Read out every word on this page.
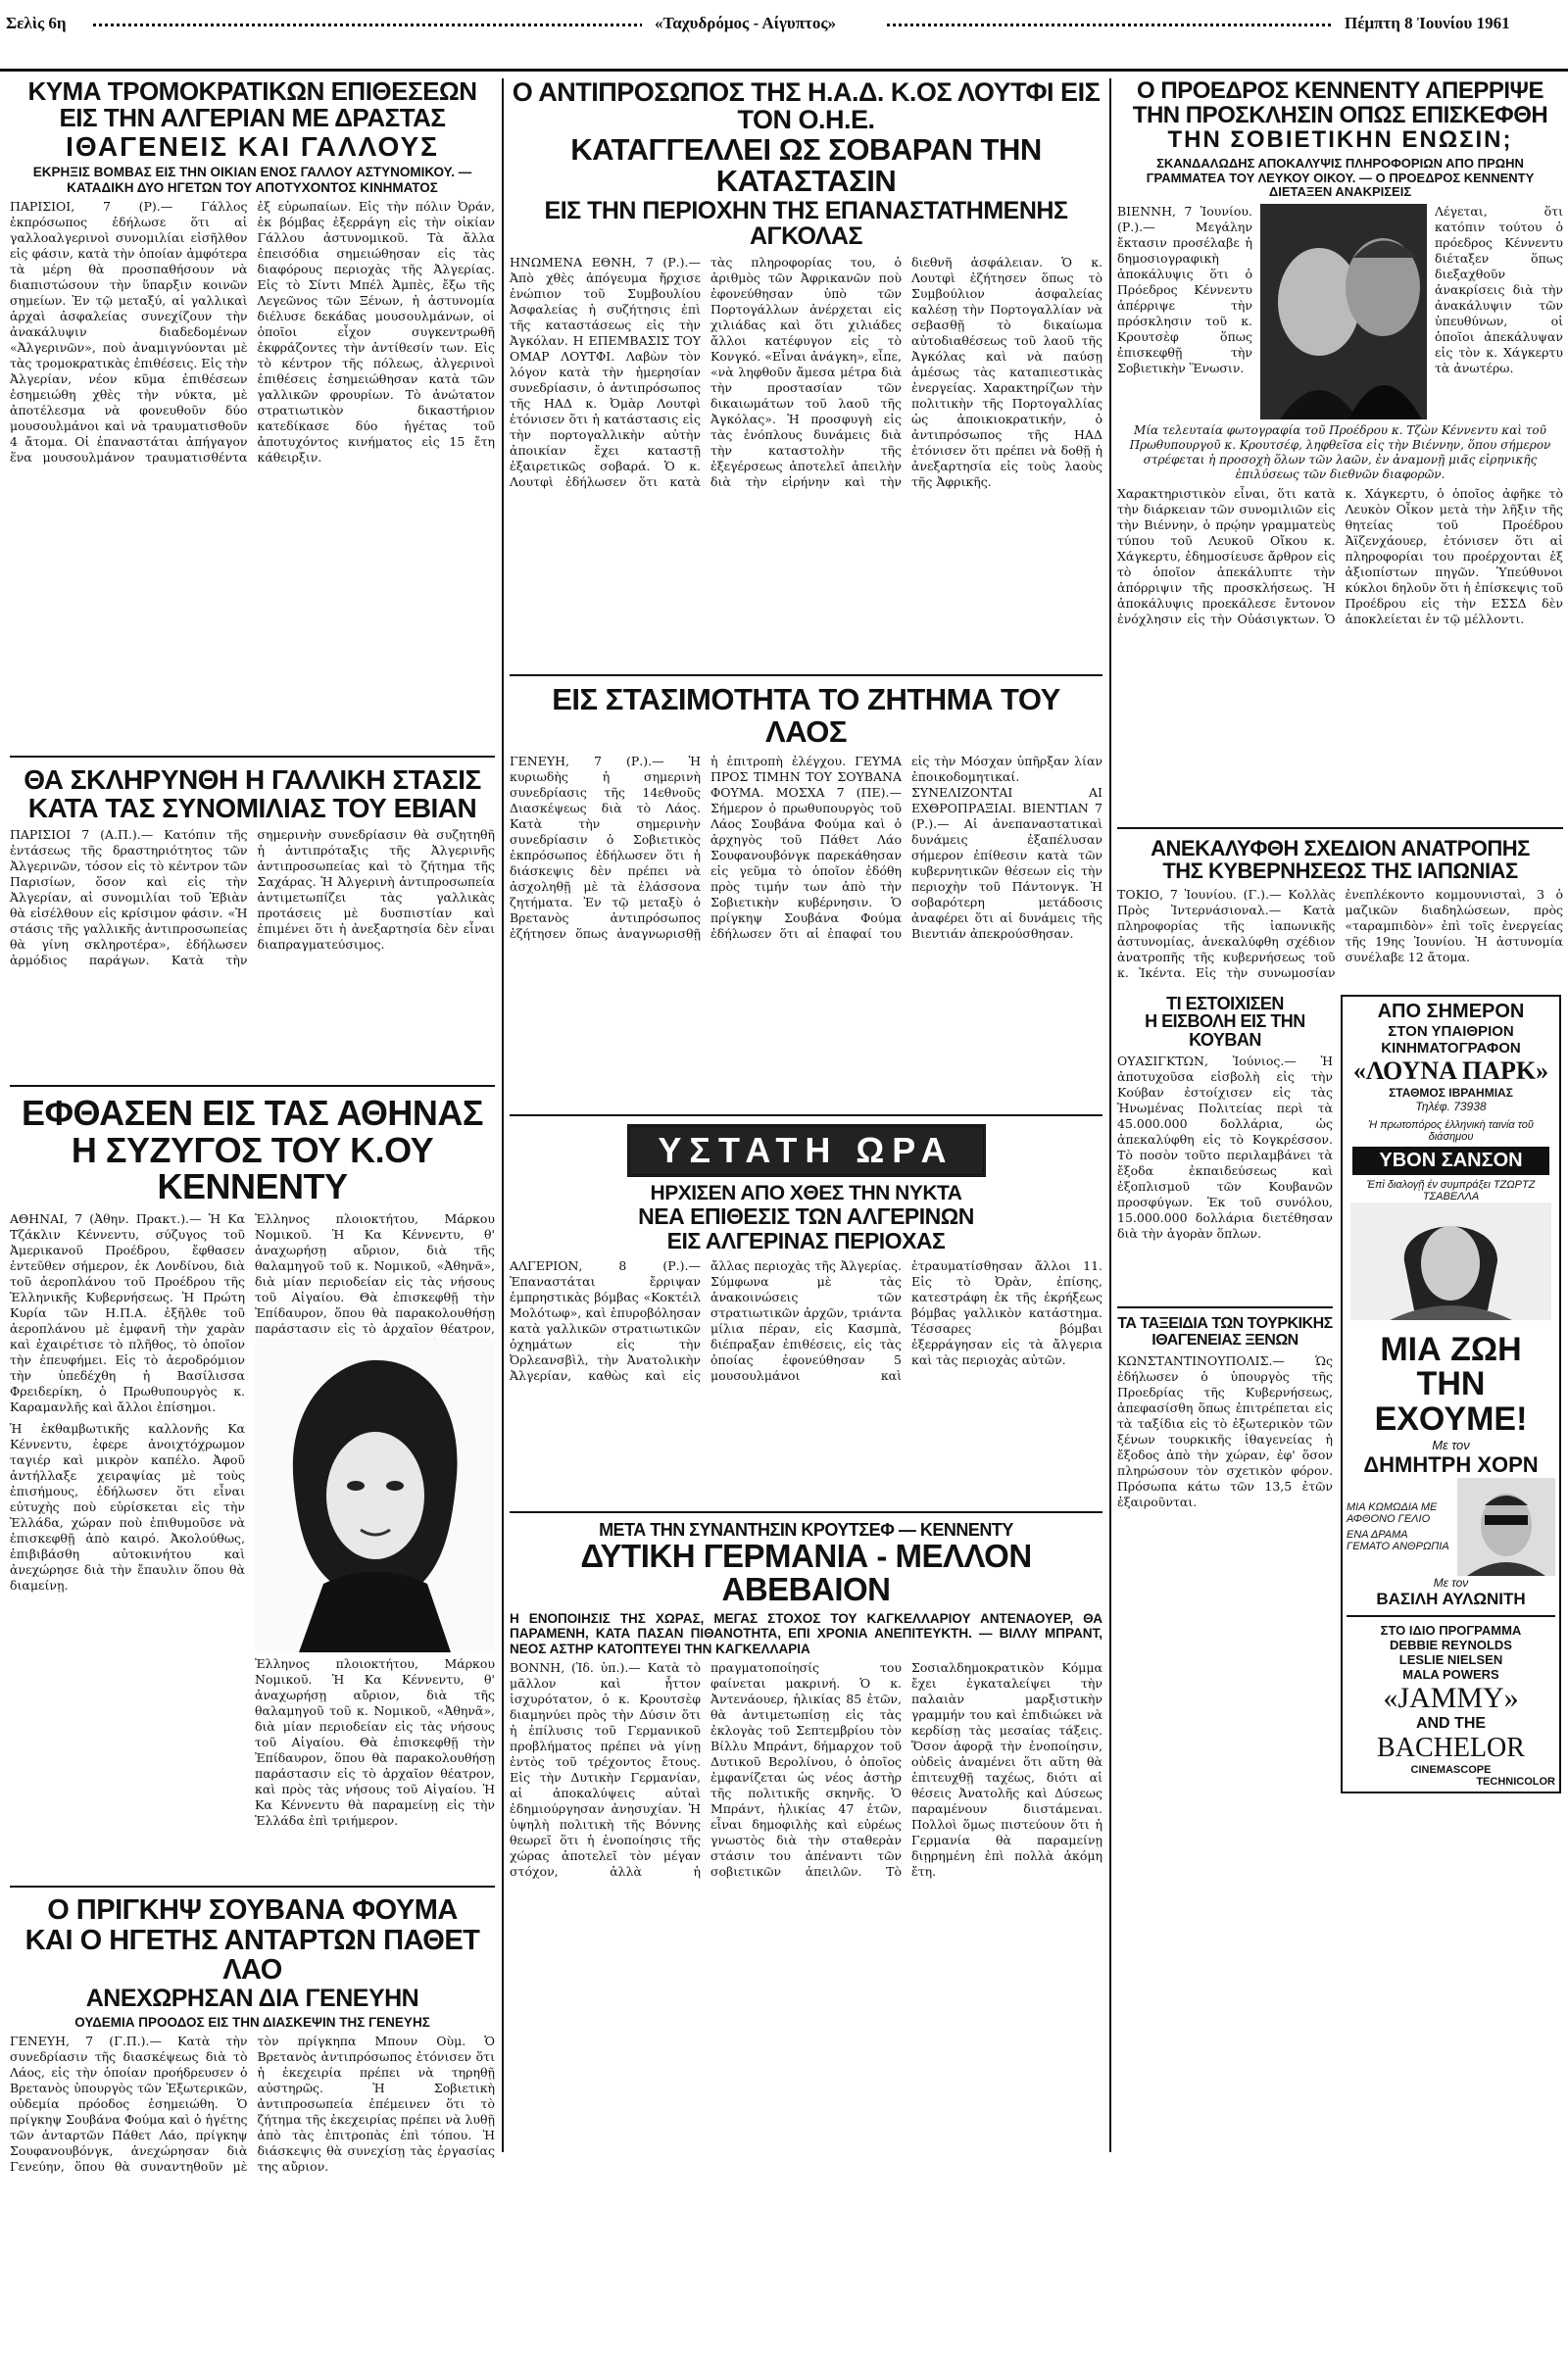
Σελὶς 6η	«Ταχυδρόμος - Αίγυπτος»	Πέμπτη 8 Ἰουνίου 1961

ΚΥΜΑ ΤΡΟΜΟΚΡΑΤΙΚΩΝ ΕΠΙΘΕΣΕΩΝ

ΕΙΣ ΤΗΝ ΑΛΓΕΡΙΑΝ ΜΕ ΔΡΑΣΤΑΣ

ΙΘΑΓΕΝΕΙΣ ΚΑΙ ΓΑΛΛΟΥΣ

ΕΚΡΗΞΙΣ ΒΟΜΒΑΣ ΕΙΣ ΤΗΝ ΟΙΚΙΑΝ ΕΝΟΣ ΓΑΛΛΟΥ ΑΣΤΥΝΟΜΙΚΟΥ. — ΚΑΤΑΔΙΚΗ ΔΥΟ ΗΓΕΤΩΝ ΤΟΥ ΑΠΟΤΥΧΟΝΤΟΣ ΚΙΝΗΜΑΤΟΣ

ΠΑΡΙΣΙΟΙ, 7 (Ρ).— Γάλλος ἐκπρόσωπος ἐδήλωσε ὅτι αἱ γαλλοαλγερινοὶ συνομιλίαι εἰσῆλθον εἰς φάσιν, κατὰ τὴν ὁποίαν ἀμφότερα τὰ μέρη θὰ προσπαθήσουν νὰ διαπιστώσουν τὴν ὕπαρξιν κοινῶν σημείων. Ἐν τῷ μεταξύ, αἱ γαλλικαὶ ἀρχαὶ ἀσφαλείας συνεχίζουν τὴν ἀνακάλυψιν διαδεδομένων «Ἀλγερινῶν», ποὺ ἀναμιγνύονται μὲ τὰς τρομοκρατικὰς ἐπιθέσεις. Εἰς τὴν Ἀλγερίαν, νέον κῦμα ἐπιθέσεων ἐσημειώθη χθὲς τὴν νύκτα, μὲ ἀποτέλεσμα νὰ φονευθοῦν δύο μουσουλμάνοι καὶ νὰ τραυματισθοῦν 4 ἄτομα. Οἱ ἐπαναστάται ἀπήγαγον ἕνα μουσουλμάνον τραυματισθέντα ἐξ εὐρωπαίων. Εἰς τὴν πόλιν Ὀράν, ἐκ βόμβας ἐξερράγη εἰς τὴν οἰκίαν Γάλλου ἀστυνομικοῦ. Τὰ ἄλλα ἐπεισόδια σημειώθησαν εἰς τὰς διαφόρους περιοχὰς τῆς Ἀλγερίας. Εἰς τὸ Σίντι Μπέλ Ἀμπὲς, ἔξω τῆς Λεγεῶνος τῶν Ξένων, ἡ ἀστυνομία διέλυσε δεκάδας μουσουλμάνων, οἱ ὁποῖοι εἶχον συγκεντρωθῆ ἐκφράζοντες τὴν ἀντίθεσίν των. Εἰς τὸ κέντρον τῆς πόλεως, ἀλγερινοὶ ἐπιθέσεις ἐσημειώθησαν κατὰ τῶν γαλλικῶν φρουρίων. Τὸ ἀνώτατον στρατιωτικὸν δικαστήριον κατεδίκασε δύο ἡγέτας τοῦ ἀποτυχόντος κινήματος εἰς 15 ἔτη κάθειρξιν.

ΘΑ ΣΚΛΗΡΥΝΘΗ Η ΓΑΛΛΙΚΗ ΣΤΑΣΙΣ

ΚΑΤΑ ΤΑΣ ΣΥΝΟΜΙΛΙΑΣ ΤΟΥ ΕΒΙΑΝ

ΠΑΡΙΣΙΟΙ 7 (Α.Π.).— Κατόπιν τῆς ἐντάσεως τῆς δραστηριότητος τῶν Ἀλγερινῶν, τόσον εἰς τὸ κέντρον τῶν Παρισίων, ὅσον καὶ εἰς τὴν Ἀλγερίαν, αἱ συνομιλίαι τοῦ Ἐβιὰν θὰ εἰσέλθουν εἰς κρίσιμον φάσιν. «Ἡ στάσις τῆς γαλλικῆς ἀντιπροσωπείας θὰ γίνη σκληροτέρα», ἐδήλωσεν ἁρμόδιος παράγων. Κατὰ τὴν σημερινὴν συνεδρίασιν θὰ συζητηθῆ ἡ ἀντιπρόταξις τῆς Ἀλγερινῆς ἀντιπροσωπείας καὶ τὸ ζήτημα τῆς Σαχάρας. Ἡ Ἀλγερινὴ ἀντιπροσωπεία ἀντιμετωπίζει τὰς γαλλικὰς προτάσεις μὲ δυσπιστίαν καὶ ἐπιμένει ὅτι ἡ ἀνεξαρτησία δὲν εἶναι διαπραγματεύσιμος.

ΕΦΘΑΣΕΝ ΕΙΣ ΤΑΣ ΑΘΗΝΑΣ

Η ΣΥΖΥΓΟΣ ΤΟΥ Κ.ΟΥ ΚΕΝΝΕΝΤΥ

ΑΘΗΝΑΙ, 7 (Ἀθην. Πρακτ.).— Ἡ Κα Τζάκλιν Κέννεντυ, σύζυγος τοῦ Ἀμερικανοῦ Προέδρου, ἔφθασεν ἐντεῦθεν σήμερον, ἐκ Λονδίνου, διὰ τοῦ ἀεροπλάνου τοῦ Προέδρου τῆς Ἑλληνικῆς Κυβερνήσεως. Ἡ Πρώτη Κυρία τῶν Η.Π.Α. ἐξῆλθε τοῦ ἀεροπλάνου μὲ ἐμφανῆ τὴν χαρὰν καὶ ἐχαιρέτισε τὸ πλῆθος, τὸ ὁποῖον τὴν ἐπευφήμει. Εἰς τὸ ἀεροδρόμιον τὴν ὑπεδέχθη ἡ Βασίλισσα Φρειδερίκη, ὁ Πρωθυπουργὸς κ. Καραμανλῆς καὶ ἄλλοι ἐπίσημοι.

Ἡ ἐκθαμβωτικῆς καλλονῆς Κα Κέννεντυ, ἐφερε ἀνοιχτόχρωμον ταγιέρ καὶ μικρὸν καπέλο. Ἀφοῦ ἀντήλλαξε χειραψίας μὲ τοὺς ἐπισήμους, ἐδήλωσεν ὅτι εἶναι εὐτυχὴς ποὺ εὑρίσκεται εἰς τὴν Ἑλλάδα, χώραν ποὺ ἐπιθυμοῦσε νὰ ἐπισκεφθῇ ἀπὸ καιρό. Ἀκολούθως, ἐπιβιβάσθη αὐτοκινήτου καὶ ἀνεχώρησε διὰ τὴν ἔπαυλιν ὅπου θὰ διαμείνῃ.

Ἐλληνος πλοιοκτήτου, Μάρκου Νομικοῦ. Ἡ Κα Κέννεντυ, θ' ἀναχωρήσῃ αὔριον, διὰ τῆς θαλαμηγοῦ τοῦ κ. Νομικοῦ, «Ἀθηνᾶ», διὰ μίαν περιοδείαν εἰς τὰς νήσους τοῦ Αἰγαίου. Θὰ ἐπισκεφθῇ τὴν Ἐπίδαυρον, ὅπου θὰ παρακολουθήσῃ παράστασιν εἰς τὸ ἀρχαῖον θέατρον,

Ἐλληνος πλοιοκτήτου, Μάρκου Νομικοῦ. Ἡ Κα Κέννεντυ, θ' ἀναχωρήσῃ αὔριον, διὰ τῆς θαλαμηγοῦ τοῦ κ. Νομικοῦ, «Ἀθηνᾶ», διὰ μίαν περιοδείαν εἰς τὰς νήσους τοῦ Αἰγαίου. Θὰ ἐπισκεφθῇ τὴν Ἐπίδαυρον, ὅπου θὰ παρακολουθήσῃ παράστασιν εἰς τὸ ἀρχαῖον θέατρον, καὶ πρὸς τὰς νήσους τοῦ Αἰγαίου. Ἡ Κα Κέννεντυ θὰ παραμείνῃ εἰς τὴν Ἑλλάδα ἐπὶ τριήμερον.

Ο ΠΡΙΓΚΗΨ ΣΟΥΒΑΝΑ ΦΟΥΜΑ

ΚΑΙ Ο ΗΓΕΤΗΣ ΑΝΤΑΡΤΩΝ ΠΑΘΕΤ ΛΑΟ

ΑΝΕΧΩΡΗΣΑΝ ΔΙΑ ΓΕΝΕΥΗΝ

ΟΥΔΕΜΙΑ ΠΡΟΟΔΟΣ ΕΙΣ ΤΗΝ ΔΙΑΣΚΕΨΙΝ ΤΗΣ ΓΕΝΕΥΗΣ

ΓΕΝΕΥΗ, 7 (Γ.Π.).— Κατὰ τὴν συνεδρίασιν τῆς διασκέψεως διὰ τὸ Λάος, εἰς τὴν ὁποίαν προήδρευσεν ὁ Βρετανὸς ὑπουργὸς τῶν Ἐξωτερικῶν, οὐδεμία πρόοδος ἐσημειώθη. Ὁ πρίγκηψ Σουβάνα Φούμα καὶ ὁ ἡγέτης τῶν ἀνταρτῶν Πάθετ Λάο, πρίγκηψ Σουφανουβόνγκ, ἀνεχώρησαν διὰ Γενεύην, ὅπου θὰ συναντηθοῦν μὲ τὸν πρίγκηπα Μπουν Οὺμ. Ὁ Βρετανὸς ἀντιπρόσωπος ἐτόνισεν ὅτι ἡ ἐκεχειρία πρέπει νὰ τηρηθῇ αὐστηρῶς. Ἡ Σοβιετικὴ ἀντιπροσωπεία ἐπέμεινεν ὅτι τὸ ζήτημα τῆς ἐκεχειρίας πρέπει νὰ λυθῇ ἀπὸ τὰς ἐπιτροπὰς ἐπὶ τόπου. Ἡ διάσκεψις θὰ συνεχίσῃ τὰς ἐργασίας της αὔριον.

Ο ΑΝΤΙΠΡΟΣΩΠΟΣ ΤΗΣ Η.Α.Δ. Κ.ΟΣ ΛΟΥΤΦΙ ΕΙΣ ΤΟΝ Ο.Η.Ε.

ΚΑΤΑΓΓΕΛΛΕΙ ΩΣ ΣΟΒΑΡΑΝ ΤΗΝ ΚΑΤΑΣΤΑΣΙΝ

ΕΙΣ ΤΗΝ ΠΕΡΙΟΧΗΝ ΤΗΣ ΕΠΑΝΑΣΤΑΤΗΜΕΝΗΣ ΑΓΚΟΛΑΣ

ΗΝΩΜΕΝΑ ΕΘΝΗ, 7 (Ρ.).— Ἀπὸ χθὲς ἀπόγευμα ἤρχισε ἐνώπιον τοῦ Συμβουλίου Ἀσφαλείας ἡ συζήτησις ἐπὶ τῆς καταστάσεως εἰς τὴν Ἀγκόλαν. Η ΕΠΕΜΒΑΣΙΣ ΤΟΥ ΟΜΑΡ ΛΟΥΤΦΙ. Λαβὼν τὸν λόγον κατὰ τὴν ἡμερησίαν συνεδρίασιν, ὁ ἀντιπρόσωπος τῆς ΗΑΔ κ. Ὀμὰρ Λουτφὶ ἐτόνισεν ὅτι ἡ κατάστασις εἰς τὴν πορτογαλλικὴν αὐτὴν ἀποικίαν ἔχει καταστῇ ἐξαιρετικῶς σοβαρά. Ὁ κ. Λουτφὶ ἐδήλωσεν ὅτι κατὰ τὰς πληροφορίας του, ὁ ἀριθμὸς τῶν Ἀφρικανῶν ποὺ ἐφονεύθησαν ὑπὸ τῶν Πορτογάλλων ἀνέρχεται εἰς χιλιάδας καὶ ὅτι χιλιάδες ἄλλοι κατέφυγον εἰς τὸ Κονγκό. «Εἶναι ἀνάγκη», εἶπε, «νὰ ληφθοῦν ἄμεσα μέτρα διὰ τὴν προστασίαν τῶν δικαιωμάτων τοῦ λαοῦ τῆς Ἀγκόλας». Ἡ προσφυγὴ εἰς τὰς ἐνόπλους δυνάμεις διὰ τὴν καταστολὴν τῆς ἐξεγέρσεως ἀποτελεῖ ἀπειλὴν διὰ τὴν εἰρήνην καὶ τὴν διεθνῆ ἀσφάλειαν. Ὁ κ. Λουτφὶ ἐζήτησεν ὅπως τὸ Συμβούλιον ἀσφαλείας καλέσῃ τὴν Πορτογαλλίαν νὰ σεβασθῇ τὸ δικαίωμα αὐτοδιαθέσεως τοῦ λαοῦ τῆς Ἀγκόλας καὶ νὰ παύσῃ ἀμέσως τὰς καταπιεστικὰς ἐνεργείας. Χαρακτηρίζων τὴν πολιτικὴν τῆς Πορτογαλλίας ὡς ἀποικιοκρατικήν, ὁ ἀντιπρόσωπος τῆς ΗΑΔ ἐτόνισεν ὅτι πρέπει νὰ δοθῇ ἡ ἀνεξαρτησία εἰς τοὺς λαοὺς τῆς Ἀφρικῆς.

ΕΙΣ ΣΤΑΣΙΜΟΤΗΤΑ ΤΟ ΖΗΤΗΜΑ ΤΟΥ ΛΑΟΣ

ΓΕΝΕΥΗ, 7 (Ρ.).— Ἡ κυριωδὴς ἡ σημερινὴ συνεδρίασις τῆς 14εθνοῦς Διασκέψεως διὰ τὸ Λάος. Κατὰ τὴν σημερινὴν συνεδρίασιν ὁ Σοβιετικὸς ἐκπρόσωπος ἐδήλωσεν ὅτι ἡ διάσκεψις δὲν πρέπει νὰ ἀσχοληθῇ μὲ τὰ ἐλάσσονα ζητήματα. Ἐν τῷ μεταξὺ ὁ Βρετανὸς ἀντιπρόσωπος ἐζήτησεν ὅπως ἀναγνωρισθῇ ἡ ἐπιτροπὴ ἐλέγχου. ΓΕΥΜΑ ΠΡΟΣ ΤΙΜΗΝ ΤΟΥ ΣΟΥΒΑΝΑ ΦΟΥΜΑ. ΜΟΣΧΑ 7 (ΠΕ).— Σήμερον ὁ πρωθυπουργὸς τοῦ Λάος Σουβάνα Φούμα καὶ ὁ ἀρχηγὸς τοῦ Πάθετ Λάο Σουφανουβόνγκ παρεκάθησαν εἰς γεῦμα τὸ ὁποῖον ἐδόθη πρὸς τιμήν των ἀπὸ τὴν Σοβιετικὴν κυβέρνησιν. Ὁ πρίγκηψ Σουβάνα Φούμα ἐδήλωσεν ὅτι αἱ ἐπαφαί του εἰς τὴν Μόσχαν ὑπῆρξαν λίαν ἐποικοδομητικαί. ΣΥΝΕΛΙΖΟΝΤΑΙ ΑΙ ΕΧΘΡΟΠΡΑΞΙΑΙ. ΒΙΕΝΤΙΑΝ 7 (Ρ.).— Αἱ ἀνεπαναστατικαὶ δυνάμεις ἐξαπέλυσαν σήμερον ἐπίθεσιν κατὰ τῶν κυβερνητικῶν θέσεων εἰς τὴν περιοχὴν τοῦ Πάντονγκ. Ἡ σοβαρότερη μετάδοσις ἀναφέρει ὅτι αἱ δυνάμεις τῆς Βιεντιάν ἀπεκρούσθησαν.

ΥΣΤΑΤΗ ΩΡΑ

ΗΡΧΙΣΕΝ ΑΠΟ ΧΘΕΣ ΤΗΝ ΝΥΚΤΑ

ΝΕΑ ΕΠΙΘΕΣΙΣ ΤΩΝ ΑΛΓΕΡΙΝΩΝ

ΕΙΣ ΑΛΓΕΡΙΝΑΣ ΠΕΡΙΟΧΑΣ

ΑΛΓΕΡΙΟΝ, 8 (Ρ.).— Ἐπαναστάται ἔρριψαν ἐμπρηστικὰς βόμβας «Κοκτέιλ Μολότωφ», καὶ ἐπυροβόλησαν κατὰ γαλλικῶν στρατιωτικῶν ὀχημάτων εἰς τὴν Ὀρλεανσβὶλ, τὴν Ἀνατολικὴν Ἀλγερίαν, καθὼς καὶ εἰς ἄλλας περιοχὰς τῆς Ἀλγερίας. Σύμφωνα μὲ τὰς ἀνακοινώσεις τῶν στρατιωτικῶν ἀρχῶν, τριάντα μίλια πέραν, εἰς Κασμπὰ, διέπραξαν ἐπιθέσεις, εἰς τὰς ὁποίας ἐφονεύθησαν 5 μουσουλμάνοι καὶ ἐτραυματίσθησαν ἄλλοι 11. Εἰς τὸ Ὀρὰν, ἐπίσης, κατεστράφη ἐκ τῆς ἐκρήξεως βόμβας γαλλικὸν κατάστημα. Τέσσαρες βόμβαι ἐξερράγησαν εἰς τὰ ἄλγερια καὶ τὰς περιοχὰς αὐτῶν.

ΜΕΤΑ ΤΗΝ ΣΥΝΑΝΤΗΣΙΝ ΚΡΟΥΤΣΕΦ — ΚΕΝΝΕΝΤΥ

ΔΥΤΙΚΗ ΓΕΡΜΑΝΙΑ - ΜΕΛΛΟΝ ΑΒΕΒΑΙΟΝ

Η ΕΝΟΠΟΙΗΣΙΣ ΤΗΣ ΧΩΡΑΣ, ΜΕΓΑΣ ΣΤΟΧΟΣ ΤΟΥ ΚΑΓΚΕΛΛΑΡΙΟΥ ΑΝΤΕΝΑΟΥΕΡ, ΘΑ ΠΑΡΑΜΕΝΗ, ΚΑΤΑ ΠΑΣΑΝ ΠΙΘΑΝΟΤΗΤΑ, ΕΠΙ ΧΡΟΝΙΑ ΑΝΕΠΙΤΕΥΚΤΗ. — ΒΙΛΛΥ ΜΠΡΑΝΤ, ΝΕΟΣ ΑΣΤΗΡ ΚΑΤΟΠΤΕΥΕΙ ΤΗΝ ΚΑΓΚΕΛΛΑΡΙΑ

ΒΟΝΝΗ, (Ἰδ. ὑπ.).— Κατὰ τὸ μᾶλλον καὶ ἧττον ἰσχυρότατον, ὁ κ. Κρουτσὲφ διαμηνύει πρὸς τὴν Δύσιν ὅτι ἡ ἐπίλυσις τοῦ Γερμανικοῦ προβλήματος πρέπει νὰ γίνῃ ἐντὸς τοῦ τρέχοντος ἔτους. Εἰς τὴν Δυτικὴν Γερμανίαν, αἱ ἀποκαλύψεις αὐταὶ ἐδημιούργησαν ἀνησυχίαν. Ἡ ὑψηλὴ πολιτικὴ τῆς Βόννης θεωρεῖ ὅτι ἡ ἑνοποίησις τῆς χώρας ἀποτελεῖ τὸν μέγαν στόχον, ἀλλὰ ἡ πραγματοποίησίς του φαίνεται μακρινή. Ὁ κ. Ἀντενάουερ, ἡλικίας 85 ἐτῶν, θὰ ἀντιμετωπίσῃ εἰς τὰς ἐκλογὰς τοῦ Σεπτεμβρίου τὸν Βίλλυ Μπράντ, δήμαρχον τοῦ Δυτικοῦ Βερολίνου, ὁ ὁποῖος ἐμφανίζεται ὡς νέος ἀστὴρ τῆς πολιτικῆς σκηνῆς. Ὁ Μπράντ, ἡλικίας 47 ἐτῶν, εἶναι δημοφιλὴς καὶ εὐρέως γνωστὸς διὰ τὴν σταθερὰν στάσιν του ἀπέναντι τῶν σοβιετικῶν ἀπειλῶν. Τὸ Σοσιαλδημοκρατικὸν Κόμμα ἔχει ἐγκαταλείψει τὴν παλαιὰν μαρξιστικὴν γραμμήν του καὶ ἐπιδιώκει νὰ κερδίσῃ τὰς μεσαίας τάξεις. Ὅσον ἀφορᾷ τὴν ἑνοποίησιν, οὐδεὶς ἀναμένει ὅτι αὕτη θὰ ἐπιτευχθῇ ταχέως, διότι αἱ θέσεις Ἀνατολῆς καὶ Δύσεως παραμένουν διιστάμεναι. Πολλοὶ ὅμως πιστεύουν ὅτι ἡ Γερμανία θὰ παραμείνῃ διῃρημένη ἐπὶ πολλὰ ἀκόμη ἔτη.

Ο ΠΡΟΕΔΡΟΣ ΚΕΝΝΕΝΤΥ ΑΠΕΡΡΙΨΕ

ΤΗΝ ΠΡΟΣΚΛΗΣΙΝ ΟΠΩΣ ΕΠΙΣΚΕΦΘΗ

ΤΗΝ ΣΟΒΙΕΤΙΚΗΝ ΕΝΩΣΙΝ;

ΣΚΑΝΔΑΛΩΔΗΣ ΑΠΟΚΑΛΥΨΙΣ ΠΛΗΡΟΦΟΡΙΩΝ ΑΠΟ ΠΡΩΗΝ ΓΡΑΜΜΑΤΕΑ ΤΟΥ ΛΕΥΚΟΥ ΟΙΚΟΥ. — Ο ΠΡΟΕΔΡΟΣ ΚΕΝΝΕΝΤΥ ΔΙΕΤΑΞΕΝ ΑΝΑΚΡΙΣΕΙΣ

ΒΙΕΝΝΗ, 7 Ἰουνίου. (Ρ.).— Μεγάλην ἔκτασιν προσέλαβε ἡ δημοσιογραφικὴ ἀποκάλυψις ὅτι ὁ Πρόεδρος Κέννεντυ ἀπέρριψε τὴν πρόσκλησιν τοῦ κ. Κρουτσὲφ ὅπως ἐπισκεφθῇ τὴν Σοβιετικὴν Ἕνωσιν.

Λέγεται, ὅτι κατόπιν τούτου ὁ πρόεδρος Κέννεντυ διέταξεν ὅπως διεξαχθοῦν ἀνακρίσεις διὰ τὴν ἀνακάλυψιν τῶν ὑπευθύνων, οἱ ὁποῖοι ἀπεκάλυψαν εἰς τὸν κ. Χάγκερτυ τὰ ἀνωτέρω.

Μία τελευταία φωτογραφία τοῦ Προέδρου κ. Τζὼν Κέννεντυ καὶ τοῦ Πρωθυπουργοῦ κ. Κρουτσέφ, ληφθεῖσα εἰς τὴν Βιέννην, ὅπου σήμερον στρέφεται ἡ προσοχὴ ὅλων τῶν λαῶν, ἐν ἀναμονῇ μιᾶς εἰρηνικῆς ἐπιλύσεως τῶν διεθνῶν διαφορῶν.

Χαρακτηριστικὸν εἶναι, ὅτι κατὰ τὴν διάρκειαν τῶν συνομιλιῶν εἰς τὴν Βιέννην, ὁ πρῴην γραμματεὺς τύπου τοῦ Λευκοῦ Οἴκου κ. Χάγκερτυ, ἐδημοσίευσε ἄρθρον εἰς τὸ ὁποῖον ἀπεκάλυπτε τὴν ἀπόρριψιν τῆς προσκλήσεως. Ἡ ἀποκάλυψις προεκάλεσε ἔντονον ἐνόχλησιν εἰς τὴν Οὐάσιγκτων. Ὁ κ. Χάγκερτυ, ὁ ὁποῖος ἀφῆκε τὸ Λευκὸν Οἶκον μετὰ τὴν λῆξιν τῆς θητείας τοῦ Προέδρου Ἀϊζενχάουερ, ἐτόνισεν ὅτι αἱ πληροφορίαι του προέρχονται ἐξ ἀξιοπίστων πηγῶν. Ὑπεύθυνοι κύκλοι δηλοῦν ὅτι ἡ ἐπίσκεψις τοῦ Προέδρου εἰς τὴν ΕΣΣΔ δὲν ἀποκλείεται ἐν τῷ μέλλοντι.

ΑΝΕΚΑΛΥΦΘΗ ΣΧΕΔΙΟΝ ΑΝΑΤΡΟΠΗΣ

ΤΗΣ ΚΥΒΕΡΝΗΣΕΩΣ ΤΗΣ ΙΑΠΩΝΙΑΣ

ΤΟΚΙΟ, 7 Ἰουνίου. (Γ.).— Κολλὰς Πρὸς Ἰντερνάσιοναλ.— Κατὰ πληροφορίας τῆς ἰαπωνικῆς ἀστυνομίας, ἀνεκαλύφθη σχέδιον ἀνατροπῆς τῆς κυβερνήσεως τοῦ κ. Ἰκέντα. Εἰς τὴν συνωμοσίαν ἐνεπλέκοντο κομμουνισταὶ, 3 ὁ μαζικῶν διαδηλώσεων, πρὸς «ταραμπιδὸν» ἐπὶ τοῖς ἐνεργείας τῆς 19ης Ἰουνίου. Ἡ ἀστυνομία συνέλαβε 12 ἄτομα.

ΤΙ ΕΣΤΟΙΧΙΣΕΝ

Η ΕΙΣΒΟΛΗ ΕΙΣ ΤΗΝ ΚΟΥΒΑΝ

ΟΥΑΣΙΓΚΤΩΝ, Ἰούνιος.— Ἡ ἀποτυχοῦσα εἰσβολὴ εἰς τὴν Κούβαν ἐστοίχισεν εἰς τὰς Ἡνωμένας Πολιτείας περὶ τὰ 45.000.000 δολλάρια, ὡς ἀπεκαλύφθη εἰς τὸ Κογκρέσσον. Τὸ ποσὸν τοῦτο περιλαμβάνει τὰ ἔξοδα ἐκπαιδεύσεως καὶ ἐξοπλισμοῦ τῶν Κουβανῶν προσφύγων. Ἐκ τοῦ συνόλου, 15.000.000 δολλάρια διετέθησαν διὰ τὴν ἀγορὰν ὅπλων.

ΤΑ ΤΑΞΕΙΔΙΑ ΤΩΝ ΤΟΥΡΚΙΚΗΣ ΙΘΑΓΕΝΕΙΑΣ ΞΕΝΩΝ

ΚΩΝΣΤΑΝΤΙΝΟΥΠΟΛΙΣ.— Ὡς ἐδήλωσεν ὁ ὑπουργὸς τῆς Προεδρίας τῆς Κυβερνήσεως, ἀπεφασίσθη ὅπως ἐπιτρέπεται εἰς τὰ ταξίδια εἰς τὸ ἐξωτερικὸν τῶν ξένων τουρκικῆς ἰθαγενείας ἡ ἔξοδος ἀπὸ τὴν χώραν, ἐφ' ὅσον πληρώσουν τὸν σχετικὸν φόρον. Πρόσωπα κάτω τῶν 13,5 ἐτῶν ἐξαιροῦνται.

ΑΠΟ ΣΗΜΕΡΟΝ
ΣΤΟΝ ΥΠΑΙΘΡΙΟΝ
ΚΙΝΗΜΑΤΟΓΡΑΦΟΝ
«ΛΟΥΝΑ ΠΑΡΚ»
ΣΤΑΘΜΟΣ ΙΒΡΑΗΜΙΑΣ
Τηλέφ. 73938
Ἡ πρωτοπόρος ἑλληνικὴ ταινία τοῦ διάσημου
ΥΒΟΝ ΣΑΝΣΟΝ
Ἐπὶ διαλογῇ ἐν συμπράξει ΤΖΩΡΤΖ ΤΣΑΒΕΛΛΑ
ΜΙΑ ΖΩΗ ΤΗΝ ΕΧΟΥΜΕ!
Με τον
ΔΗΜΗΤΡΗ ΧΟΡΝ
ΜΙΑ ΚΩΜΩΔΙΑ ΜΕ ΑΦΘΟΝΟ ΓΕΛΙΟ
ΕΝΑ ΔΡΑΜΑ ΓΕΜΑΤΟ ΑΝΘΡΩΠΙΑ
Με τον
ΒΑΣΙΛΗ ΑΥΛΩΝΙΤΗ
ΣΤΟ ΙΔΙΟ ΠΡΟΓΡΑΜΜΑ
DEBBIE REYNOLDS
LESLIE NIELSEN
MALA POWERS
«JAMMY»
AND THE
BACHELOR
CINEMASCOPE
TECHNICOLOR
